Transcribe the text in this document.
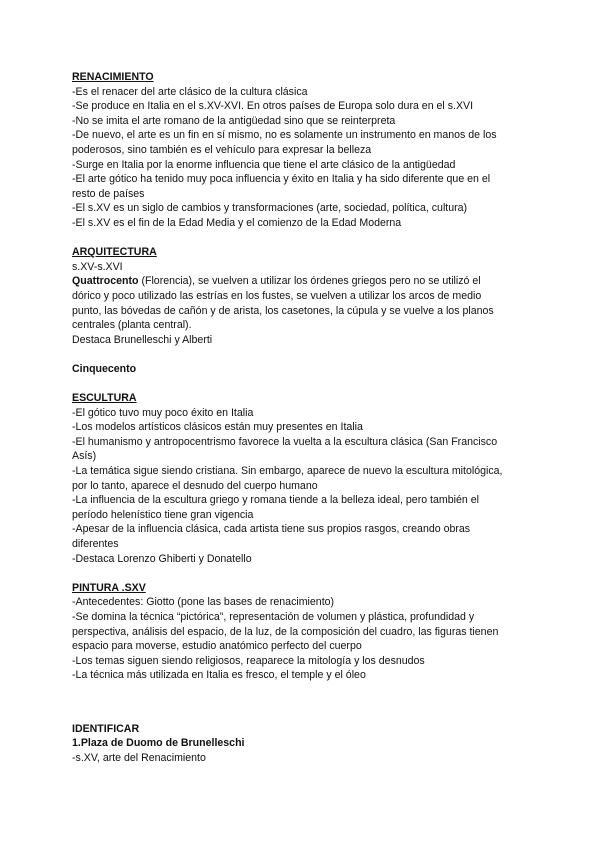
RENACIMIENTO
-Es el renacer del arte clásico de la cultura clásica
-Se produce en Italia en el s.XV-XVI. En otros países de Europa solo dura en el s.XVI
-No se imita el arte romano de la antigüedad sino que se reinterpreta
-De nuevo, el arte es un fin en sí mismo, no es solamente un instrumento en manos de los
poderosos, sino también es el vehículo para expresar la belleza
-Surge en Italia por la enorme influencia que tiene el arte clásico de la antigüedad
-El arte gótico ha tenido muy poca influencia y éxito en Italia y ha sido diferente que en el
resto de países
-El s.XV es un siglo de cambios y transformaciones (arte, sociedad, política, cultura)
-El s.XV es el fin de la Edad Media y el comienzo de la Edad Moderna
ARQUITECTURA
s.XV-s.XVI
Quattrocento (Florencia), se vuelven a utilizar los órdenes griegos pero no se utilizó el
dórico y poco utilizado las estrías en los fustes, se vuelven a utilizar los arcos de medio
punto, las bóvedas de cañón y de arista, los casetones, la cúpula y se vuelve a los planos
centrales (planta central).
Destaca Brunelleschi y Alberti
Cinquecento
ESCULTURA
-El gótico tuvo muy poco éxito en Italia
-Los modelos artísticos clásicos están muy presentes en Italia
-El humanismo y antropocentrismo favorece la vuelta a la escultura clásica (San Francisco
Asís)
-La temática sigue siendo cristiana. Sin embargo, aparece de nuevo la escultura mitológica,
por lo tanto, aparece el desnudo del cuerpo humano
-La influencia de la escultura griego y romana tiende a la belleza ideal, pero también el
período helenístico tiene gran vigencia
-Apesar de la influencia clásica, cada artista tiene sus propios rasgos, creando obras
diferentes
-Destaca Lorenzo Ghiberti y Donatello
PINTURA .SXV
-Antecedentes: Giotto (pone las bases de renacimiento)
-Se domina la técnica “pictórica”, representación de volumen y plástica, profundidad y
perspectiva, análisis del espacio, de la luz, de la composición del cuadro, las figuras tienen
espacio para moverse, estudio anatómico perfecto del cuerpo
-Los temas siguen siendo religiosos, reaparece la mitología y los desnudos
-La técnica más utilizada en Italia es fresco, el temple y el óleo
IDENTIFICAR
1.Plaza de Duomo de Brunelleschi
-s.XV, arte del Renacimiento
